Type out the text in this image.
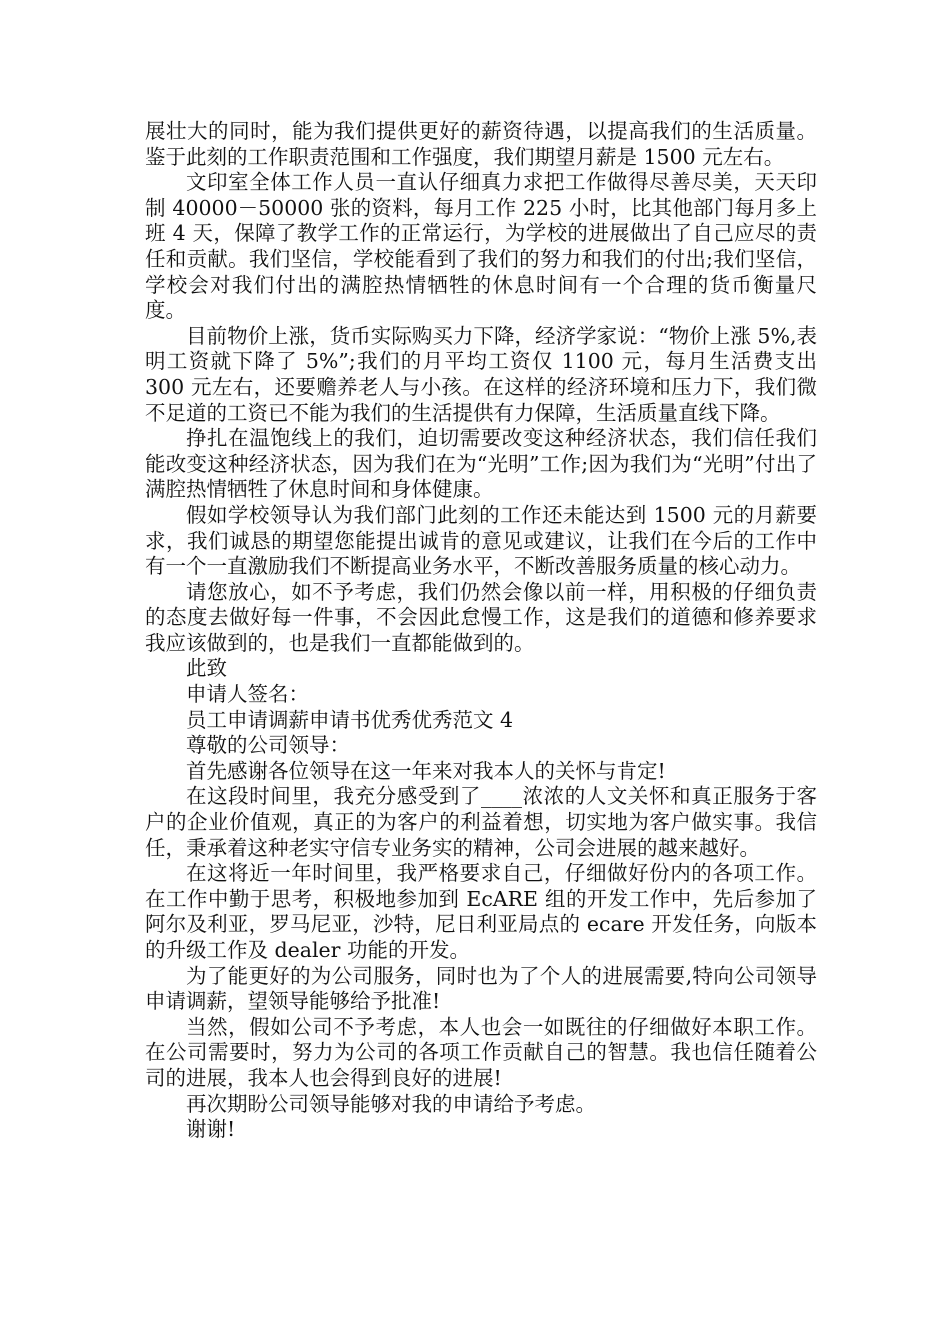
展壮大的同时，能为我们提供更好的薪资待遇，以提高我们的生活质量。鉴于此刻的工作职责范围和工作强度，我们期望月薪是 1500 元左右。

文印室全体工作人员一直认仔细真力求把工作做得尽善尽美，天天印制 40000－50000 张的资料，每月工作 225 小时，比其他部门每月多上班 4 天，保障了教学工作的正常运行，为学校的进展做出了自己应尽的责任和贡献。我们坚信，学校能看到了我们的努力和我们的付出;我们坚信，学校会对我们付出的满腔热情牺牲的休息时间有一个合理的货币衡量尺度。

目前物价上涨，货币实际购买力下降，经济学家说：“物价上涨 5%,表明工资就下降了 5%”;我们的月平均工资仅 1100 元，每月生活费支出 300 元左右，还要赡养老人与小孩。在这样的经济环境和压力下，我们微不足道的工资已不能为我们的生活提供有力保障，生活质量直线下降。

挣扎在温饱线上的我们，迫切需要改变这种经济状态，我们信任我们能改变这种经济状态，因为我们在为“光明”工作;因为我们为“光明”付出了满腔热情牺牲了休息时间和身体健康。

假如学校领导认为我们部门此刻的工作还未能达到 1500 元的月薪要求，我们诚恳的期望您能提出诚肯的意见或建议，让我们在今后的工作中有一个一直激励我们不断提高业务水平，不断改善服务质量的核心动力。

请您放心，如不予考虑，我们仍然会像以前一样，用积极的仔细负责的态度去做好每一件事，不会因此怠慢工作，这是我们的道德和修养要求我应该做到的，也是我们一直都能做到的。

此致

申请人签名：

员工申请调薪申请书优秀优秀范文 4

尊敬的公司领导：

首先感谢各位领导在这一年来对我本人的关怀与肯定!

在这段时间里，我充分感受到了____浓浓的人文关怀和真正服务于客户的企业价值观，真正的为客户的利益着想，切实地为客户做实事。我信任，秉承着这种老实守信专业务实的精神，公司会进展的越来越好。

在这将近一年时间里，我严格要求自己，仔细做好份内的各项工作。在工作中勤于思考，积极地参加到 EcARE 组的开发工作中，先后参加了阿尔及利亚，罗马尼亚，沙特，尼日利亚局点的 ecare 开发任务，向版本的升级工作及 dealer 功能的开发。

为了能更好的为公司服务，同时也为了个人的进展需要,特向公司领导申请调薪，望领导能够给予批准!

当然，假如公司不予考虑，本人也会一如既往的仔细做好本职工作。在公司需要时，努力为公司的各项工作贡献自己的智慧。我也信任随着公司的进展，我本人也会得到良好的进展!

再次期盼公司领导能够对我的申请给予考虑。

谢谢!
